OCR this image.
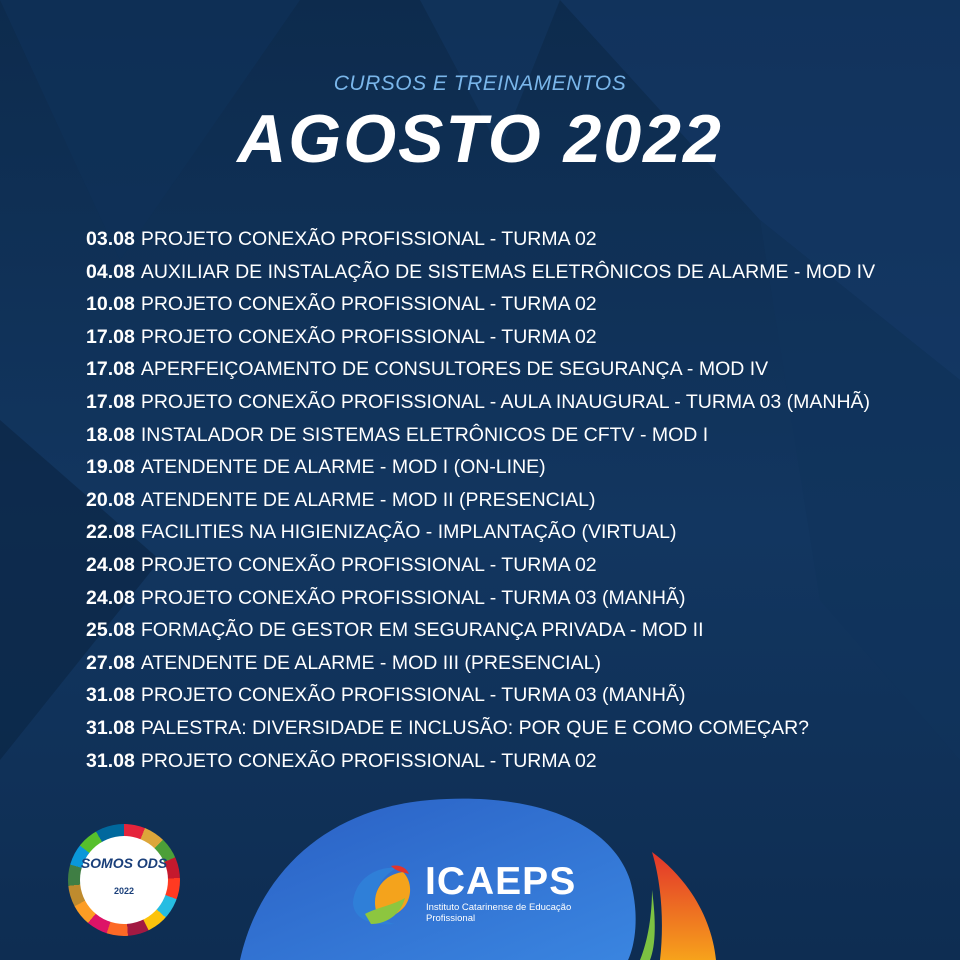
CURSOS E TREINAMENTOS
AGOSTO 2022
03.08 PROJETO CONEXÃO PROFISSIONAL - TURMA 02
04.08 AUXILIAR DE INSTALAÇÃO DE SISTEMAS ELETRÔNICOS DE ALARME - MOD IV
10.08 PROJETO CONEXÃO PROFISSIONAL - TURMA 02
17.08 PROJETO CONEXÃO PROFISSIONAL - TURMA 02
17.08 APERFEIÇOAMENTO DE CONSULTORES DE SEGURANÇA - MOD IV
17.08 PROJETO CONEXÃO PROFISSIONAL - AULA INAUGURAL - TURMA 03 (MANHÃ)
18.08 INSTALADOR DE SISTEMAS ELETRÔNICOS DE CFTV - MOD I
19.08 ATENDENTE DE ALARME - MOD I (ON-LINE)
20.08 ATENDENTE DE ALARME - MOD II (PRESENCIAL)
22.08 FACILITIES NA HIGIENIZAÇÃO - IMPLANTAÇÃO (VIRTUAL)
24.08 PROJETO CONEXÃO PROFISSIONAL - TURMA 02
24.08 PROJETO CONEXÃO PROFISSIONAL - TURMA 03 (MANHÃ)
25.08 FORMAÇÃO DE GESTOR EM SEGURANÇA PRIVADA - MOD II
27.08 ATENDENTE DE ALARME - MOD III (PRESENCIAL)
31.08 PROJETO CONEXÃO PROFISSIONAL - TURMA 03 (MANHÃ)
31.08 PALESTRA: DIVERSIDADE E INCLUSÃO: POR QUE E COMO COMEÇAR?
31.08 PROJETO CONEXÃO PROFISSIONAL - TURMA 02
SOMOS ODS
2022	ICAEPS
Instituto Catarinense de Educação Profissional
